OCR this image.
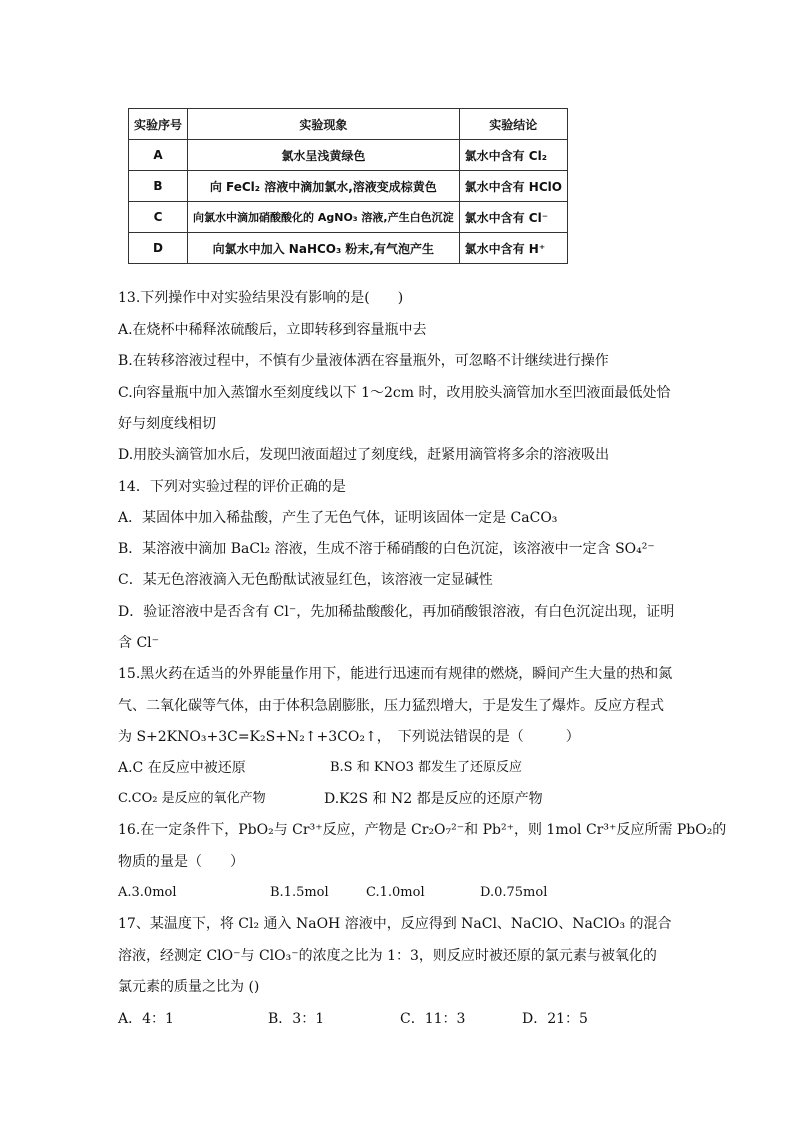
实验序号	实验现象	实验结论
A	氯水呈浅黄绿色	氯水中含有 Cl₂
B	向 FeCl₂ 溶液中滴加氯水,溶液变成棕黄色	氯水中含有 HClO
C	向氯水中滴加硝酸酸化的 AgNO₃ 溶液,产生白色沉淀	氯水中含有 Cl⁻
D	向氯水中加入 NaHCO₃ 粉末,有气泡产生	氯水中含有 H⁺
13.下列操作中对实验结果没有影响的是(　　)
A.在烧杯中稀释浓硫酸后，立即转移到容量瓶中去
B.在转移溶液过程中，不慎有少量液体洒在容量瓶外，可忽略不计继续进行操作
C.向容量瓶中加入蒸馏水至刻度线以下 1～2cm 时，改用胶头滴管加水至凹液面最低处恰
好与刻度线相切
D.用胶头滴管加水后，发现凹液面超过了刻度线，赶紧用滴管将多余的溶液吸出
14．下列对实验过程的评价正确的是
A．某固体中加入稀盐酸，产生了无色气体，证明该固体一定是 CaCO₃
B．某溶液中滴加 BaCl₂ 溶液，生成不溶于稀硝酸的白色沉淀，该溶液中一定含 SO₄²⁻
C．某无色溶液滴入无色酚酞试液显红色，该溶液一定显碱性
D．验证溶液中是否含有 Cl⁻，先加稀盐酸酸化，再加硝酸银溶液，有白色沉淀出现，证明
含 Cl⁻
15.黑火药在适当的外界能量作用下，能进行迅速而有规律的燃烧，瞬间产生大量的热和氮
气、二氧化碳等气体，由于体积急剧膨胀，压力猛烈增大，于是发生了爆炸。反应方程式
为 S+2KNO₃+3C=K₂S+N₂↑+3CO₂↑，　下列说法错误的是（　　　）
A.C 在反应中被还原	B.S 和 KNO3 都发生了还原反应
C.CO₂ 是反应的氧化产物	D.K2S 和 N2 都是反应的还原产物
16.在一定条件下，PbO₂与 Cr³⁺反应，产物是 Cr₂O₇²⁻和 Pb²⁺，则 1mol Cr³⁺反应所需 PbO₂的
物质的量是（　　）
A.3.0mol	B.1.5mol	C.1.0mol	D.0.75mol
17、某温度下，将 Cl₂ 通入 NaOH 溶液中，反应得到 NaCl、NaClO、NaClO₃ 的混合
溶液，经测定 ClO⁻与 ClO₃⁻的浓度之比为 1：3，则反应时被还原的氯元素与被氧化的
氯元素的质量之比为 ()
A．4：1	B．3：1	C．11：3	D．21：5
